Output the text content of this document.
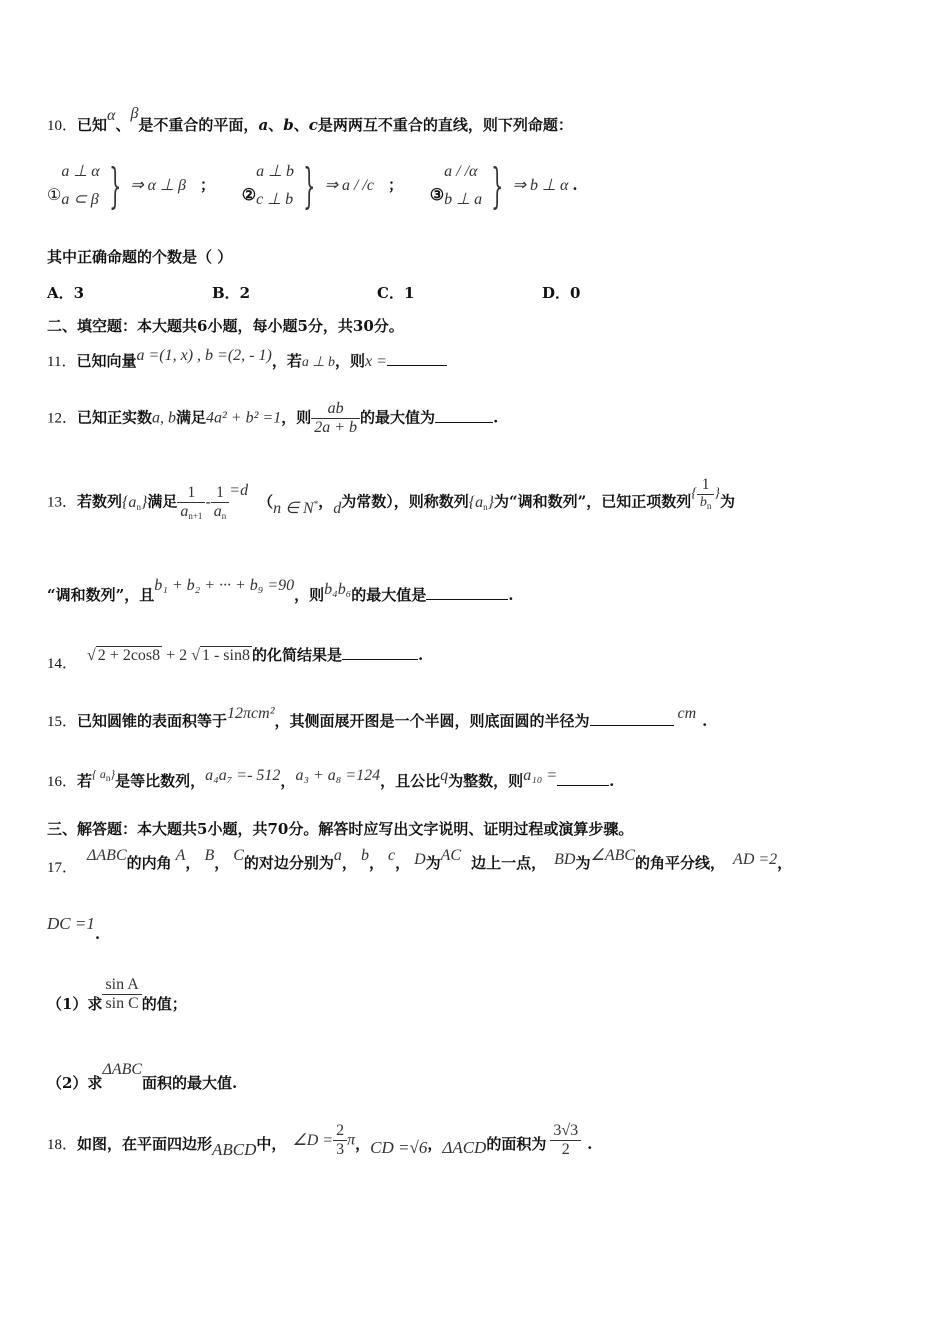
10．已知α、β是不重合的平面，a、b、c是两两互不重合的直线，则下列命题：
①
a ⊥ α
a ⊂ β } ⇒ α ⊥ β ； ②
a ⊥ b
c ⊥ b } ⇒ a / /c ； ③
a / /α
b ⊥ a } ⇒ b ⊥ α .
其中正确命题的个数是（ ）
A．3	B．2	C．1	D．0
二、填空题：本大题共6小题，每小题5分，共30分。
11．已知向量a =(1, x) , b =(2, - 1)，若a ⊥ b，则x =
12．已知正实数a, b满足4a² + b² =1，则 $\frac{ab}{2a + b}$ 的最大值为	.
13．若数列$\{a_n\}$满足 $\frac{1}{a_{n+1}} - \frac{1}{a_n} =d(n$ ∈ N*，d为常数），则称数列$\{a_n\}$为“调和数列”，已知正项数列{ $\frac{1}{b_n}$ }为
“调和数列”，且b₁ + b₂ + ··· + b₉ =90，则b₄b₆的最大值是	.
14． √ 2 + 2cos8 + 2 √ 1 - sin8 的化简结果是	.
15．已知圆锥的表面积等于12πcm²，其侧面展开图是一个半圆，则底面圆的半径为	cm .
16．若$^{\{ a_n\}}$是等比数列，a₄a₇ =- 512，a₃ + a₈ =124，且公比q为整数，则a₁₀ =	.
三、解答题：本大题共5小题，共70分。解答时应写出文字说明、证明过程或演算步骤。
17．ΔABC的内角 A， B， C的对边分别为a， b， c， D为AC 边上一点， BD为∠ABC的角平分线， AD =2，
DC =1.
（1）求 $\frac{\text{sin A}}{\text{sin C}}$ 的值；
（2）求ΔABC面积的最大值.
18．如图，在平面四边形ABCD中， ∠D = $\frac{2}{3}$ π，CD =√6，ΔACD的面积为 $\frac{3√3}{2}$ .
